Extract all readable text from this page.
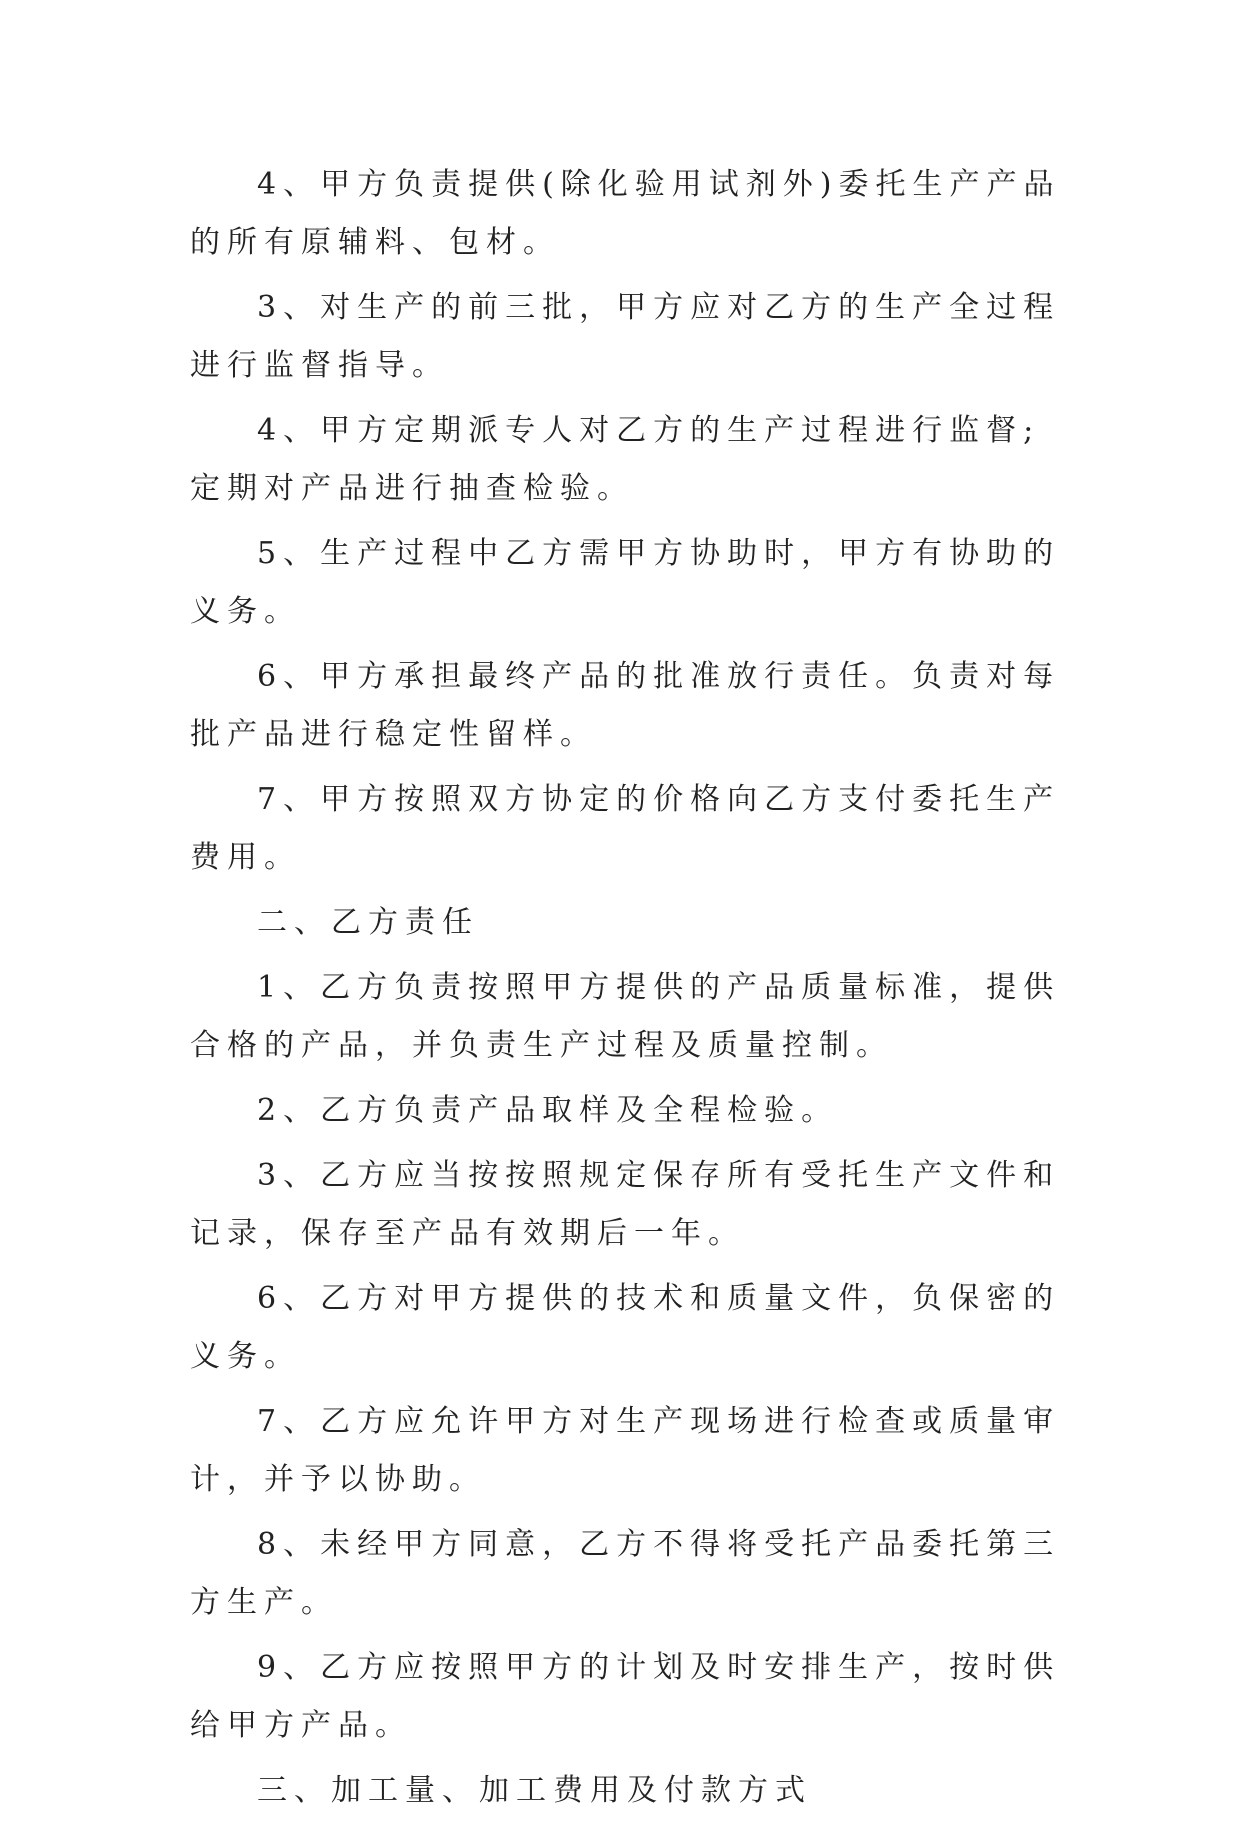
4、甲方负责提供(除化验用试剂外)委托生产产品的所有原辅料、包材。

3、对生产的前三批，甲方应对乙方的生产全过程进行监督指导。

4、甲方定期派专人对乙方的生产过程进行监督;定期对产品进行抽查检验。

5、生产过程中乙方需甲方协助时，甲方有协助的义务。

6、甲方承担最终产品的批准放行责任。负责对每批产品进行稳定性留样。

7、甲方按照双方协定的价格向乙方支付委托生产费用。

二、乙方责任

1、乙方负责按照甲方提供的产品质量标准，提供合格的产品，并负责生产过程及质量控制。

2、乙方负责产品取样及全程检验。

3、乙方应当按按照规定保存所有受托生产文件和记录，保存至产品有效期后一年。

6、乙方对甲方提供的技术和质量文件，负保密的义务。

7、乙方应允许甲方对生产现场进行检查或质量审计，并予以协助。

8、未经甲方同意，乙方不得将受托产品委托第三方生产。

9、乙方应按照甲方的计划及时安排生产，按时供给甲方产品。

三、加工量、加工费用及付款方式
